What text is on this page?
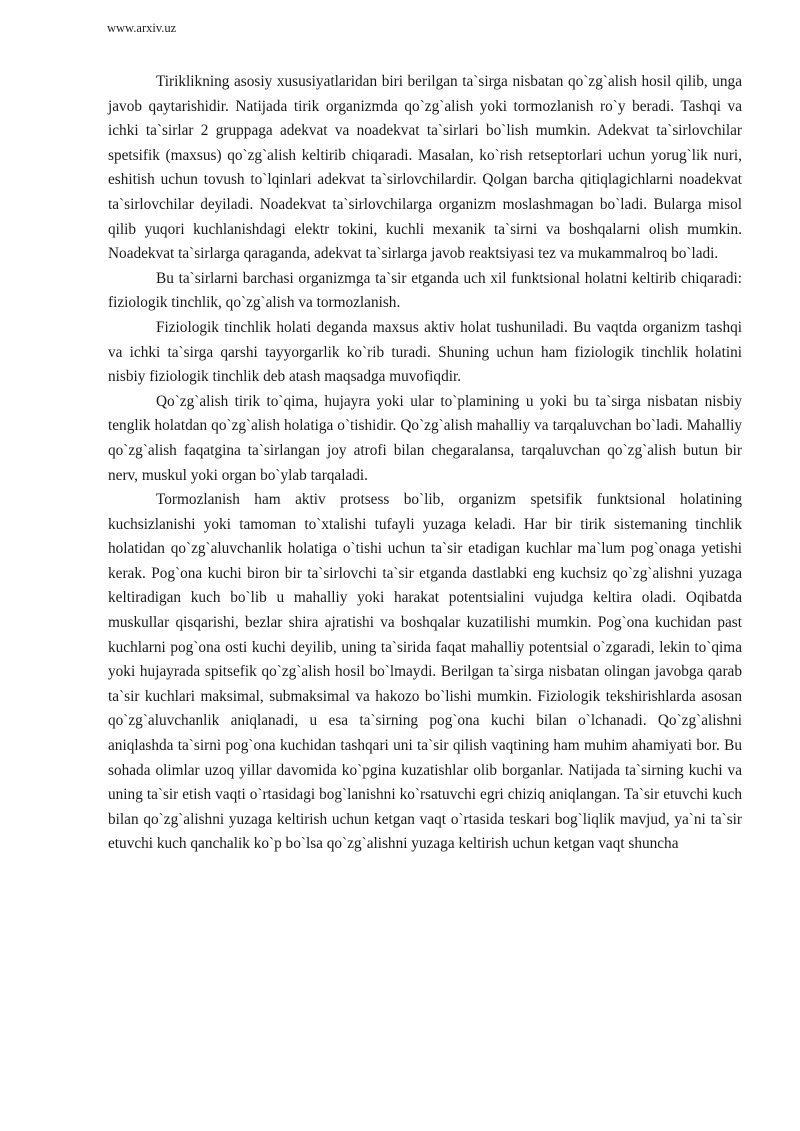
www.arxiv.uz

Tiriklikning asosiy xususiyatlaridan biri berilgan ta`sirga nisbatan qo`zg`alish hosil qilib, unga javob qaytarishidir. Natijada tirik organizmda qo`zg`alish yoki tormozlanish ro`y beradi. Tashqi va ichki ta`sirlar 2 gruppaga adekvat va noadekvat ta`sirlari bo`lish mumkin. Adekvat ta`sirlovchilar spetsifik (maxsus) qo`zg`alish keltirib chiqaradi. Masalan, ko`rish retseptorlari uchun yorug`lik nuri, eshitish uchun tovush to`lqinlari adekvat ta`sirlovchilardir. Qolgan barcha qitiqlagichlarni noadekvat ta`sirlovchilar deyiladi. Noadekvat ta`sirlovchilarga organizm moslashmagan bo`ladi. Bularga misol qilib yuqori kuchlanishdagi elektr tokini, kuchli mexanik ta`sirni va boshqalarni olish mumkin. Noadekvat ta`sirlarga qaraganda, adekvat ta`sirlarga javob reaktsiyasi tez va mukammalroq bo`ladi.

Bu ta`sirlarni barchasi organizmga ta`sir etganda uch xil funktsional holatni keltirib chiqaradi: fiziologik tinchlik, qo`zg`alish va tormozlanish.

Fiziologik tinchlik holati deganda maxsus aktiv holat tushuniladi. Bu vaqtda organizm tashqi va ichki ta`sirga qarshi tayyorgarlik ko`rib turadi. Shuning uchun ham fiziologik tinchlik holatini nisbiy fiziologik tinchlik deb atash maqsadga muvofiqdir.

Qo`zg`alish tirik to`qima, hujayra yoki ular to`plamining u yoki bu ta`sirga nisbatan nisbiy tenglik holatdan qo`zg`alish holatiga o`tishidir. Qo`zg`alish mahalliy va tarqaluvchan bo`ladi. Mahalliy qo`zg`alish faqatgina ta`sirlangan joy atrofi bilan chegaralansa, tarqaluvchan qo`zg`alish butun bir nerv, muskul yoki organ bo`ylab tarqaladi.

Tormozlanish ham aktiv protsess bo`lib, organizm spetsifik funktsional holatining kuchsizlanishi yoki tamoman to`xtalishi tufayli yuzaga keladi. Har bir tirik sistemaning tinchlik holatidan qo`zg`aluvchanlik holatiga o`tishi uchun ta`sir etadigan kuchlar ma`lum pog`onaga yetishi kerak. Pog`ona kuchi biron bir ta`sirlovchi ta`sir etganda dastlabki eng kuchsiz qo`zg`alishni yuzaga keltiradigan kuch bo`lib u mahalliy yoki harakat potentsialini vujudga keltira oladi. Oqibatda muskullar qisqarishi, bezlar shira ajratishi va boshqalar kuzatilishi mumkin. Pog`ona kuchidan past kuchlarni pog`ona osti kuchi deyilib, uning ta`sirida faqat mahalliy potentsial o`zgaradi, lekin to`qima yoki hujayrada spitsefik qo`zg`alish hosil bo`lmaydi. Berilgan ta`sirga nisbatan olingan javobga qarab ta`sir kuchlari maksimal, submaksimal va hakozo bo`lishi mumkin. Fiziologik tekshirishlarda asosan qo`zg`aluvchanlik aniqlanadi, u esa ta`sirning pog`ona kuchi bilan o`lchanadi. Qo`zg`alishni aniqlashda ta`sirni pog`ona kuchidan tashqari uni ta`sir qilish vaqtining ham muhim ahamiyati bor. Bu sohada olimlar uzoq yillar davomida ko`pgina kuzatishlar olib borganlar. Natijada ta`sirning kuchi va uning ta`sir etish vaqti o`rtasidagi bog`lanishni ko`rsatuvchi egri chiziq aniqlangan. Ta`sir etuvchi kuch bilan qo`zg`alishni yuzaga keltirish uchun ketgan vaqt o`rtasida teskari bog`liqlik mavjud, ya`ni ta`sir etuvchi kuch qanchalik ko`p bo`lsa qo`zg`alishni yuzaga keltirish uchun ketgan vaqt shuncha
